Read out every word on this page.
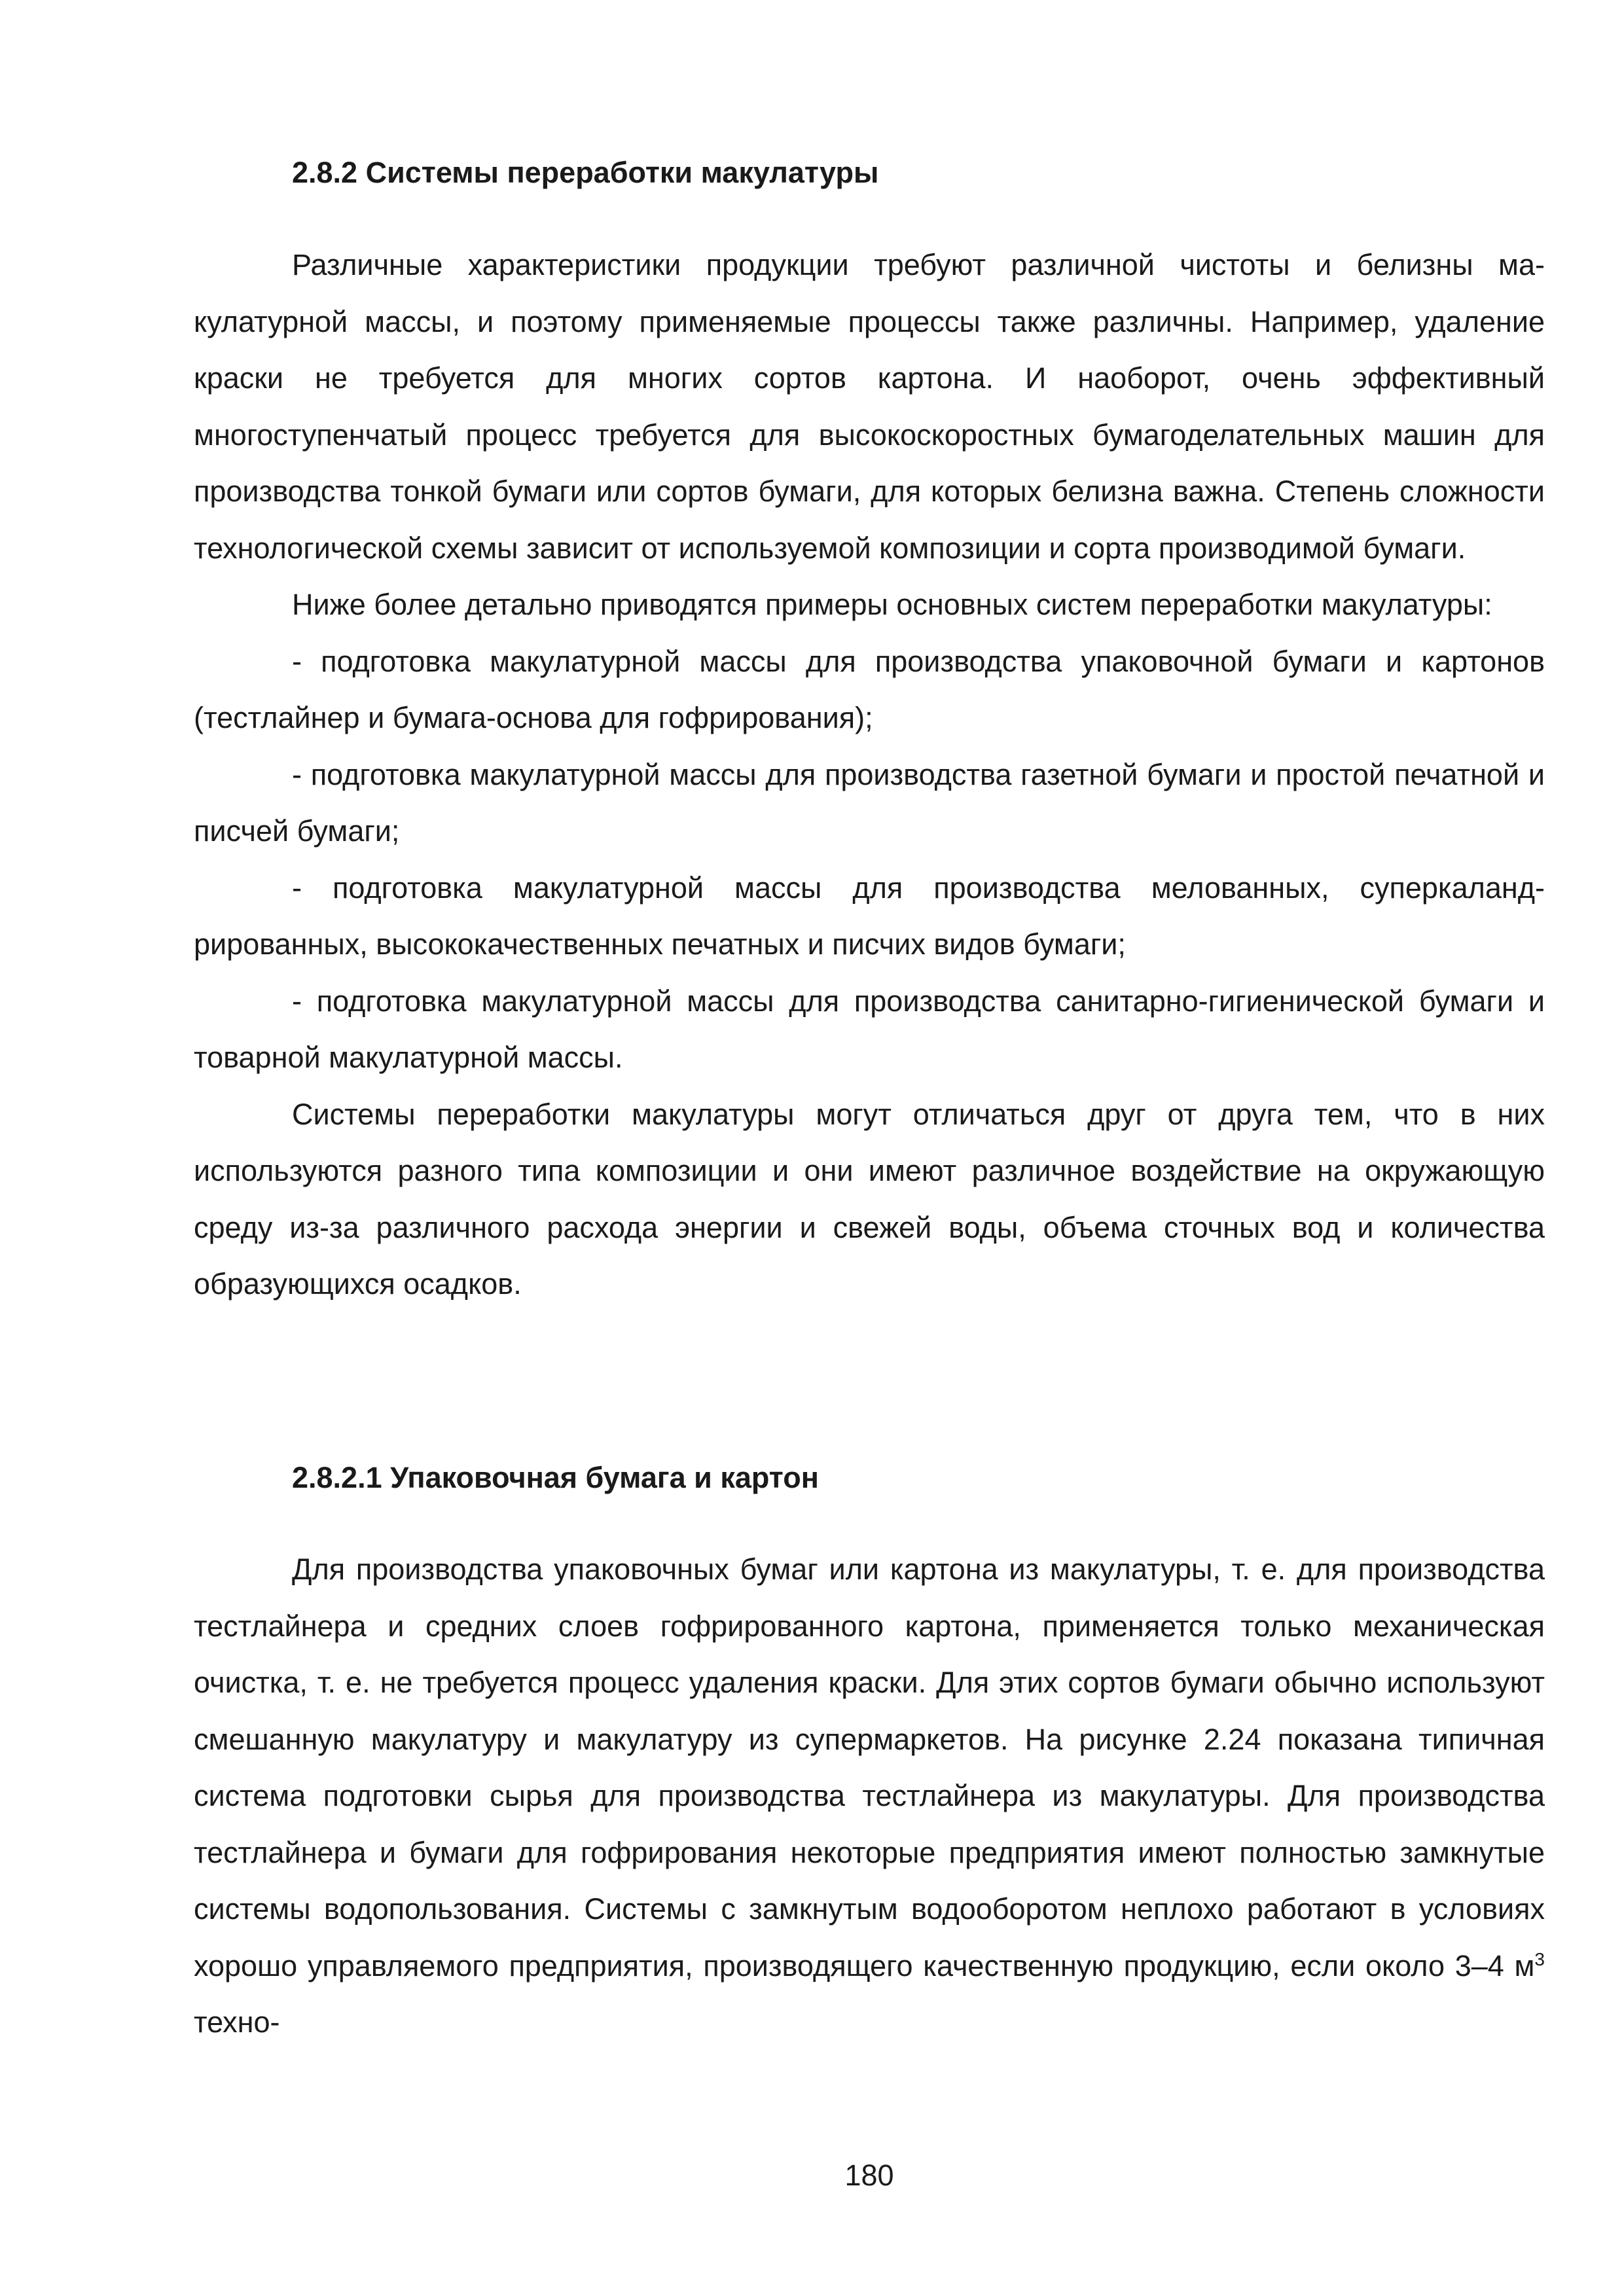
2.8.2 Системы переработки макулатуры

Различные характеристики продукции требуют различной чистоты и белизны макулатурной массы, и поэтому применяемые процессы также различны. Например, удаление краски не требуется для многих сортов картона. И наоборот, очень эффективный многоступенчатый процесс требуется для высокоскоростных бумагоделательных машин для производства тонкой бумаги или сортов бумаги, для которых белизна важна. Степень сложности технологической схемы зависит от используемой композиции и сорта производимой бумаги.

Ниже более детально приводятся примеры основных систем переработки макулатуры:

- подготовка макулатурной массы для производства упаковочной бумаги и картонов (тестлайнер и бумага-основа для гофрирования);

- подготовка макулатурной массы для производства газетной бумаги и простой печатной и писчей бумаги;

- подготовка макулатурной массы для производства мелованных, суперкаландрированных, высококачественных печатных и писчих видов бумаги;

- подготовка макулатурной массы для производства санитарно-гигиенической бумаги и товарной макулатурной массы.

Системы переработки макулатуры могут отличаться друг от друга тем, что в них используются разного типа композиции и они имеют различное воздействие на окружающую среду из-за различного расхода энергии и свежей воды, объема сточных вод и количества образующихся осадков.

2.8.2.1 Упаковочная бумага и картон

Для производства упаковочных бумаг или картона из макулатуры, т. е. для производства тестлайнера и средних слоев гофрированного картона, применяется только механическая очистка, т. е. не требуется процесс удаления краски. Для этих сортов бумаги обычно используют смешанную макулатуру и макулатуру из супермаркетов. На рисунке 2.24 показана типичная система подготовки сырья для производства тестлайнера из макулатуры. Для производства тестлайнера и бумаги для гофрирования некоторые предприятия имеют полностью замкнутые системы водопользования. Системы с замкнутым водооборотом неплохо работают в условиях хорошо управляемого предприятия, производящего качественную продукцию, если около 3–4 $м^3$ техно-

180
